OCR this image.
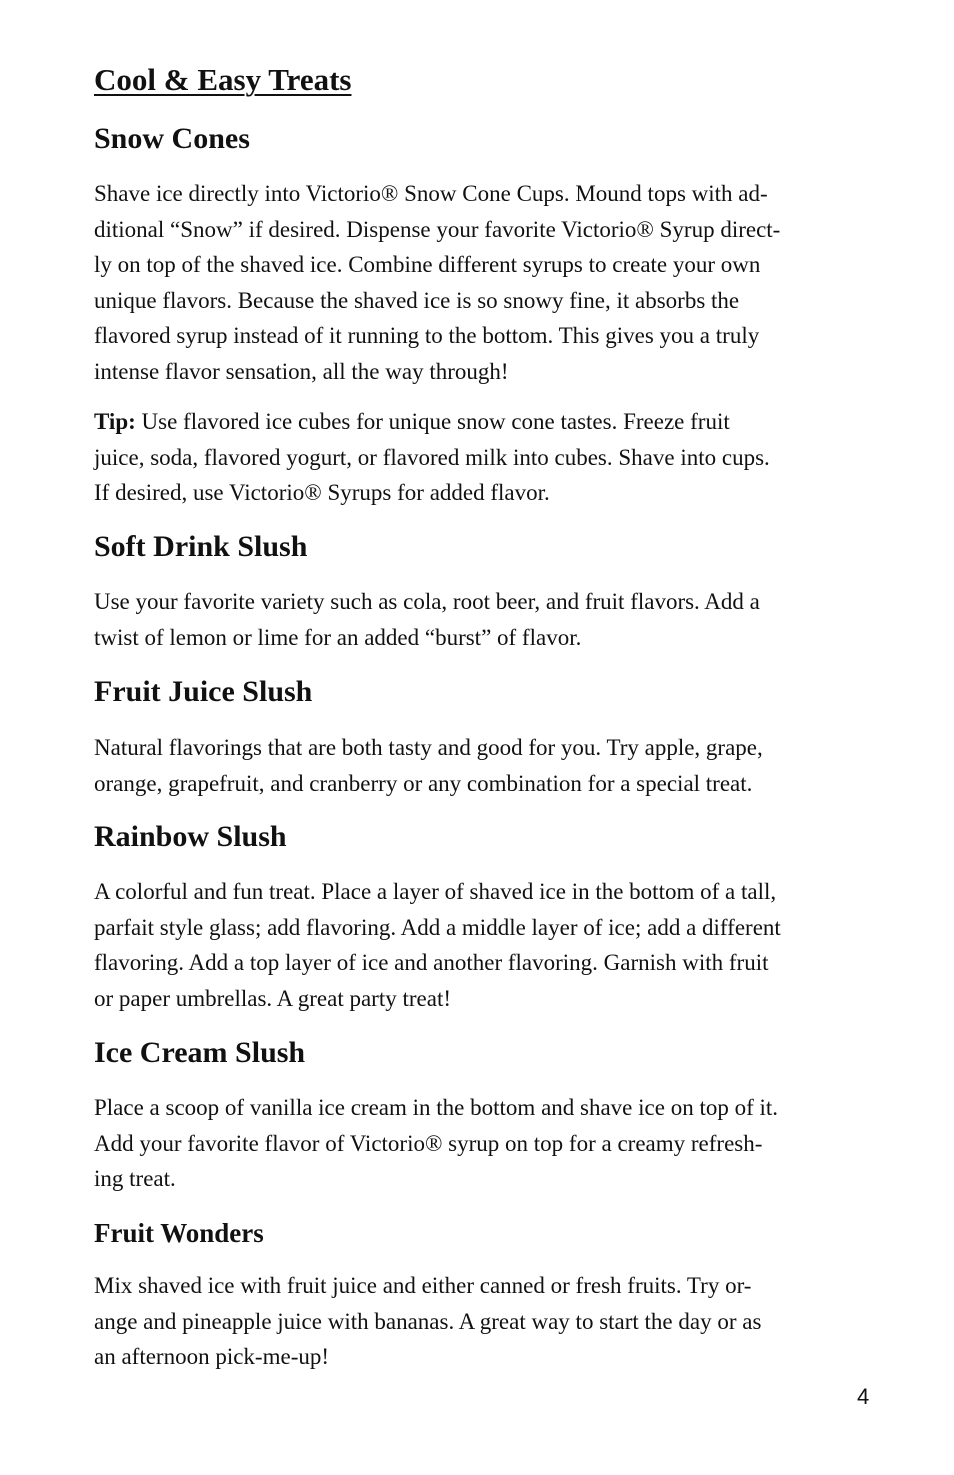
Cool & Easy Treats
Snow Cones

Shave ice directly into Victorio® Snow Cone Cups. Mound tops with ad-
ditional “Snow” if desired. Dispense your favorite Victorio® Syrup direct-
ly on top of the shaved ice. Combine different syrups to create your own
unique flavors. Because the shaved ice is so snowy fine, it absorbs the
flavored syrup instead of it running to the bottom. This gives you a truly
intense flavor sensation, all the way through!

Tip: Use flavored ice cubes for unique snow cone tastes. Freeze fruit
juice, soda, flavored yogurt, or flavored milk into cubes. Shave into cups.
If desired, use Victorio® Syrups for added flavor.

Soft Drink Slush

Use your favorite variety such as cola, root beer, and fruit flavors. Add a
twist of lemon or lime for an added “burst” of flavor.

Fruit Juice Slush

Natural flavorings that are both tasty and good for you. Try apple, grape,
orange, grapefruit, and cranberry or any combination for a special treat.

Rainbow Slush

A colorful and fun treat. Place a layer of shaved ice in the bottom of a tall,
parfait style glass; add flavoring. Add a middle layer of ice; add a different
flavoring. Add a top layer of ice and another flavoring. Garnish with fruit
or paper umbrellas. A great party treat!

Ice Cream Slush

Place a scoop of vanilla ice cream in the bottom and shave ice on top of it.
Add your favorite flavor of Victorio® syrup on top for a creamy refresh-
ing treat.

Fruit Wonders

Mix shaved ice with fruit juice and either canned or fresh fruits. Try or-
ange and pineapple juice with bananas. A great way to start the day or as
an afternoon pick-me-up!

4
